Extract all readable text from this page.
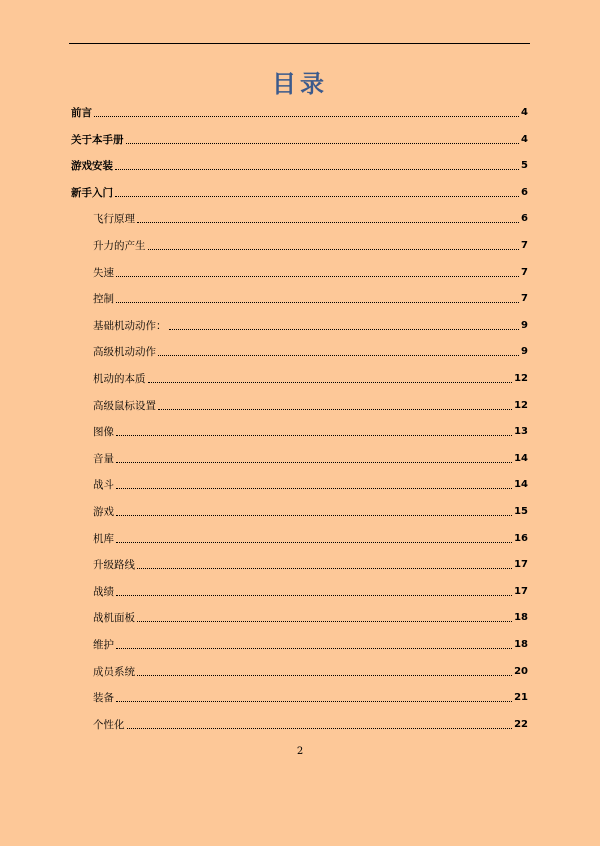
目录
前言	4
关于本手册	4
游戏安装	5
新手入门	6
飞行原理	6
升力的产生	7
失速	7
控制	7
基础机动动作：	9
高级机动动作	9
机动的本质	12
高级鼠标设置	12
图像	13
音量	14
战斗	14
游戏	15
机库	16
升级路线	17
战绩	17
战机面板	18
维护	18
成员系统	20
装备	21
个性化	22
2
